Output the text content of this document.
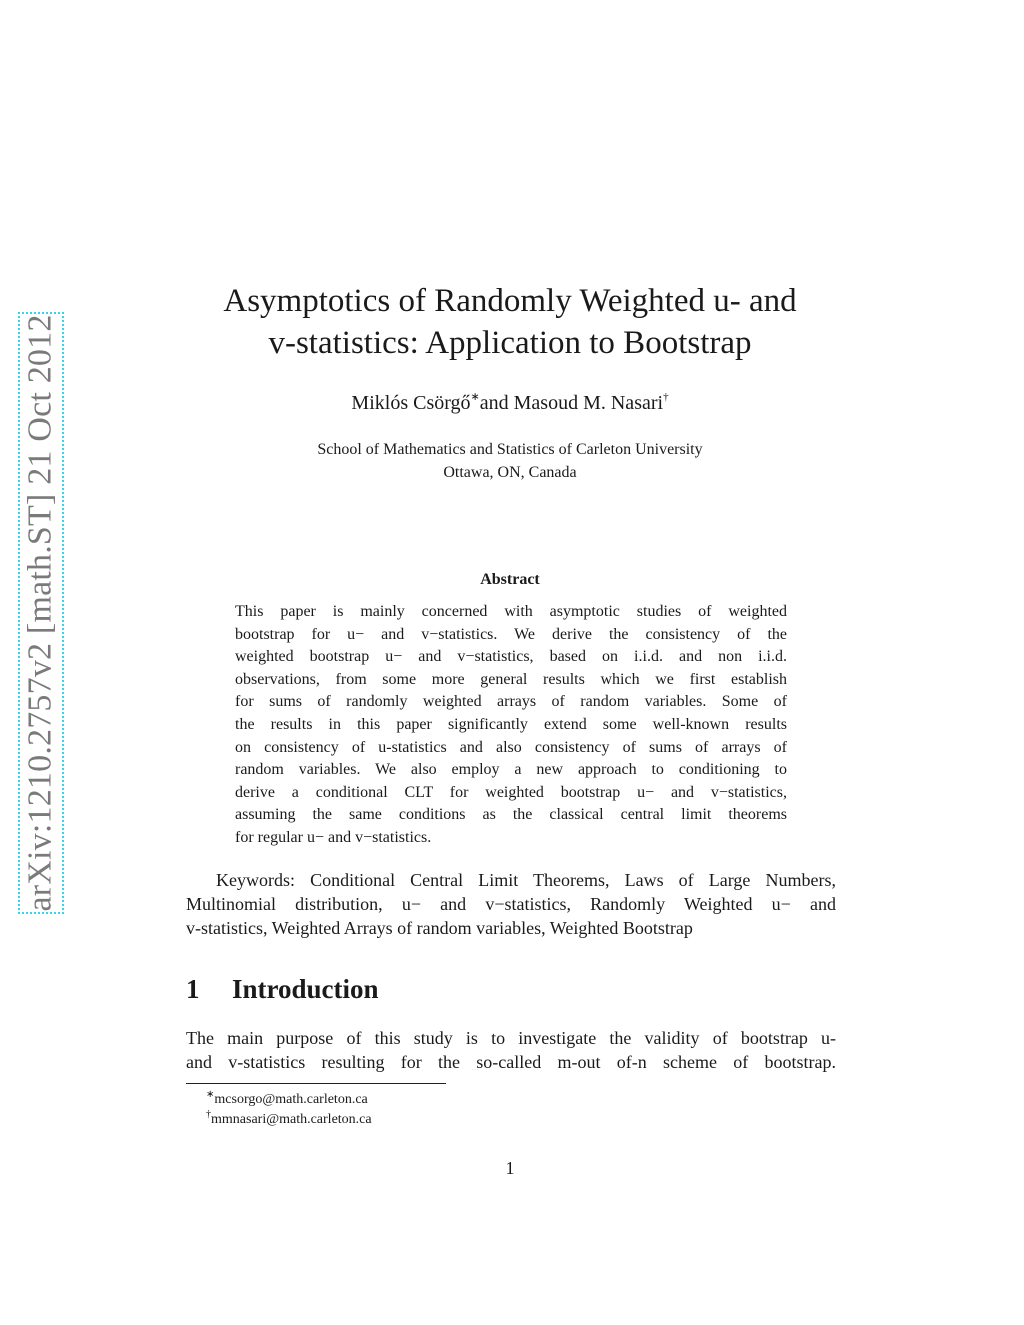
arXiv:1210.2757v2 [math.ST] 21 Oct 2012
Asymptotics of Randomly Weighted u- and
v-statistics: Application to Bootstrap
Miklós Csörgő∗and Masoud M. Nasari†
School of Mathematics and Statistics of Carleton University
Ottawa, ON, Canada
Abstract
This paper is mainly concerned with asymptotic studies of weighted
bootstrap for u− and v−statistics. We derive the consistency of the
weighted bootstrap u− and v−statistics, based on i.i.d. and non i.i.d.
observations, from some more general results which we first establish
for sums of randomly weighted arrays of random variables. Some of
the results in this paper significantly extend some well-known results
on consistency of u-statistics and also consistency of sums of arrays of
random variables. We also employ a new approach to conditioning to
derive a conditional CLT for weighted bootstrap u− and v−statistics,
assuming the same conditions as the classical central limit theorems
for regular u− and v−statistics.
Keywords: Conditional Central Limit Theorems, Laws of Large Numbers,
Multinomial distribution, u− and v−statistics, Randomly Weighted u− and
v-statistics, Weighted Arrays of random variables, Weighted Bootstrap
1 Introduction
The main purpose of this study is to investigate the validity of bootstrap u-
and v-statistics resulting for the so-called m-out of-n scheme of bootstrap.
∗mcsorgo@math.carleton.ca
†mmnasari@math.carleton.ca
1
